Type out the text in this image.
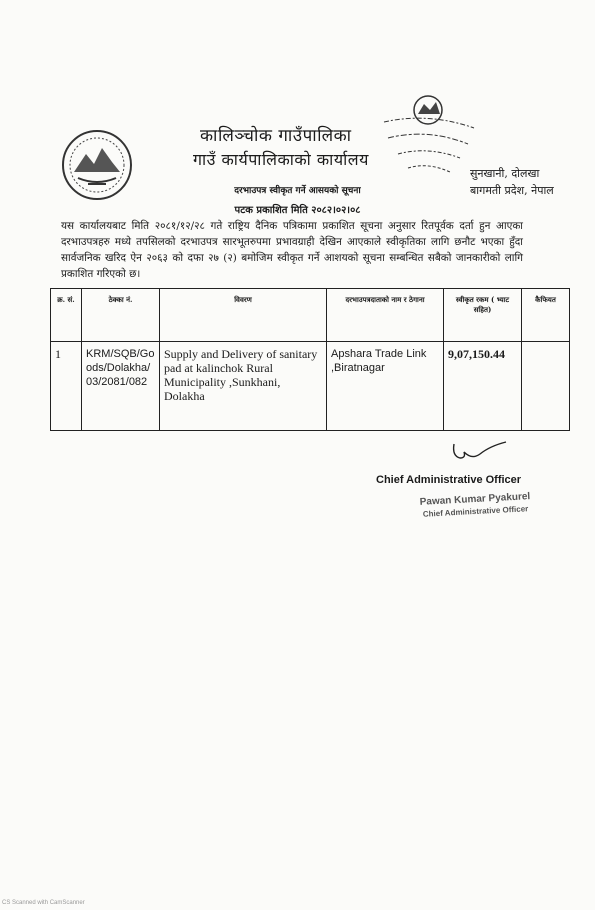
कालिञ्चोक गाउँपालिका
गाउँ कार्यपालिकाको कार्यालय
सुनखानी, दोलखा
बागमती प्रदेश, नेपाल
दरभाउपत्र स्वीकृत गर्ने आसयको सूचना
पटक प्रकाशित मिति २०८२।०२।०८
यस कार्यालयबाट मिति २०८१/१२/२८ गते राष्ट्रिय दैनिक पत्रिकामा प्रकाशित सूचना अनुसार रितपूर्वक दर्ता हुन आएका दरभाउपत्रहरु मध्ये तपसिलको दरभाउपत्र सारभूतरुपमा प्रभावग्राही देखिन आएकाले स्वीकृतिका लागि छनौट भएका हुँदा सार्वजनिक खरिद ऐन २०६३ को दफा २७ (२) बमोजिम स्वीकृत गर्ने आशयको सूचना सम्बन्धित सबैको जानकारीको लागि प्रकाशित गरिएको छ।
क्र. सं.	ठेक्का नं.	विवरण	दरभाउपत्रदाताको नाम र ठेगाना	स्वीकृत रकम ( भ्याट सहित)	कैफियत
1	KRM/SQB/Goods/Dolakha/03/2081/082	Supply and Delivery of sanitary pad at kalinchok Rural Municipality ,Sunkhani, Dolakha	Apshara Trade Link ,Biratnagar	9,07,150.44	
Chief Administrative Officer
Pawan Kumar Pyakurel
Chief Administrative Officer
CS Scanned with CamScanner
